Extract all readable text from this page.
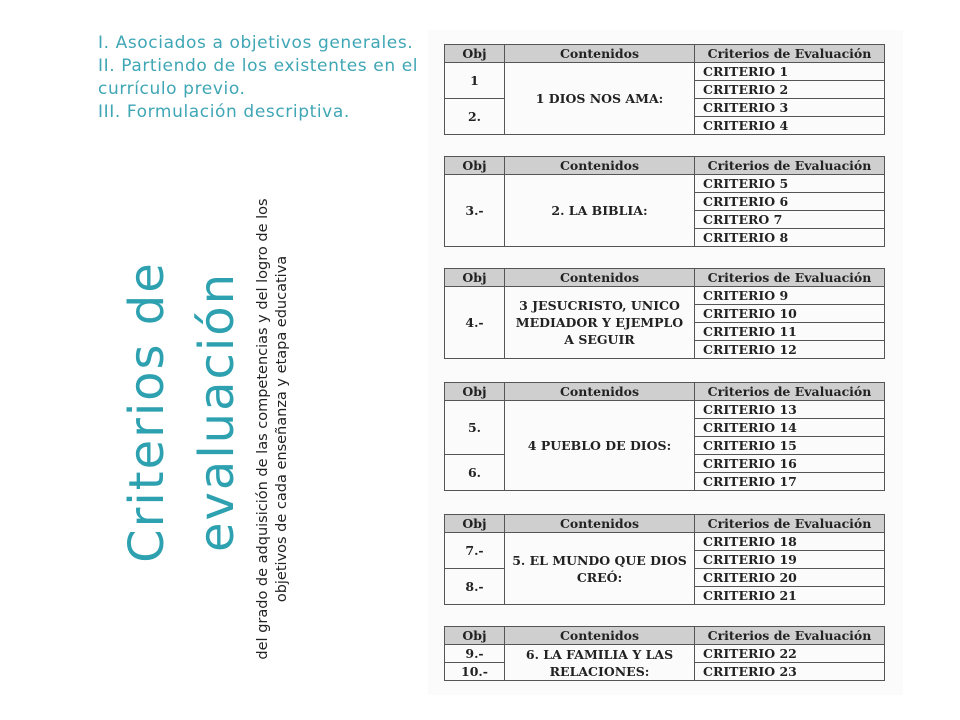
I. Asociados a objetivos generales.
II. Partiendo de los existentes en el currículo previo.
III. Formulación descriptiva.
Criterios de evaluación del grado de adquisición de las competencias y del logro de los objetivos de cada enseñanza y etapa educativa
Obj	Contenidos	Criterios de Evaluación
1	1 DIOS NOS AMA:	CRITERIO 1
		CRITERIO 2
2.		CRITERIO 3
		CRITERIO 4
Obj	Contenidos	Criterios de Evaluación
3.-	2. LA BIBLIA:	CRITERIO 5
		CRITERIO 6
		CRITERO 7
		CRITERIO 8
Obj	Contenidos	Criterios de Evaluación
4.-	3 JESUCRISTO, UNICO MEDIADOR Y EJEMPLO A SEGUIR	CRITERIO 9
		CRITERIO 10
		CRITERIO 11
		CRITERIO 12
Obj	Contenidos	Criterios de Evaluación
5.	4 PUEBLO DE DIOS:	CRITERIO 13
		CRITERIO 14
		CRITERIO 15
6.		CRITERIO 16
		CRITERIO 17
Obj	Contenidos	Criterios de Evaluación
7.-	5. EL MUNDO QUE DIOS CREÓ:	CRITERIO 18
		CRITERIO 19
8.-		CRITERIO 20
		CRITERIO 21
Obj	Contenidos	Criterios de Evaluación
9.-	6. LA FAMILIA Y LAS RELACIONES:	CRITERIO 22
10.-		CRITERIO 23
